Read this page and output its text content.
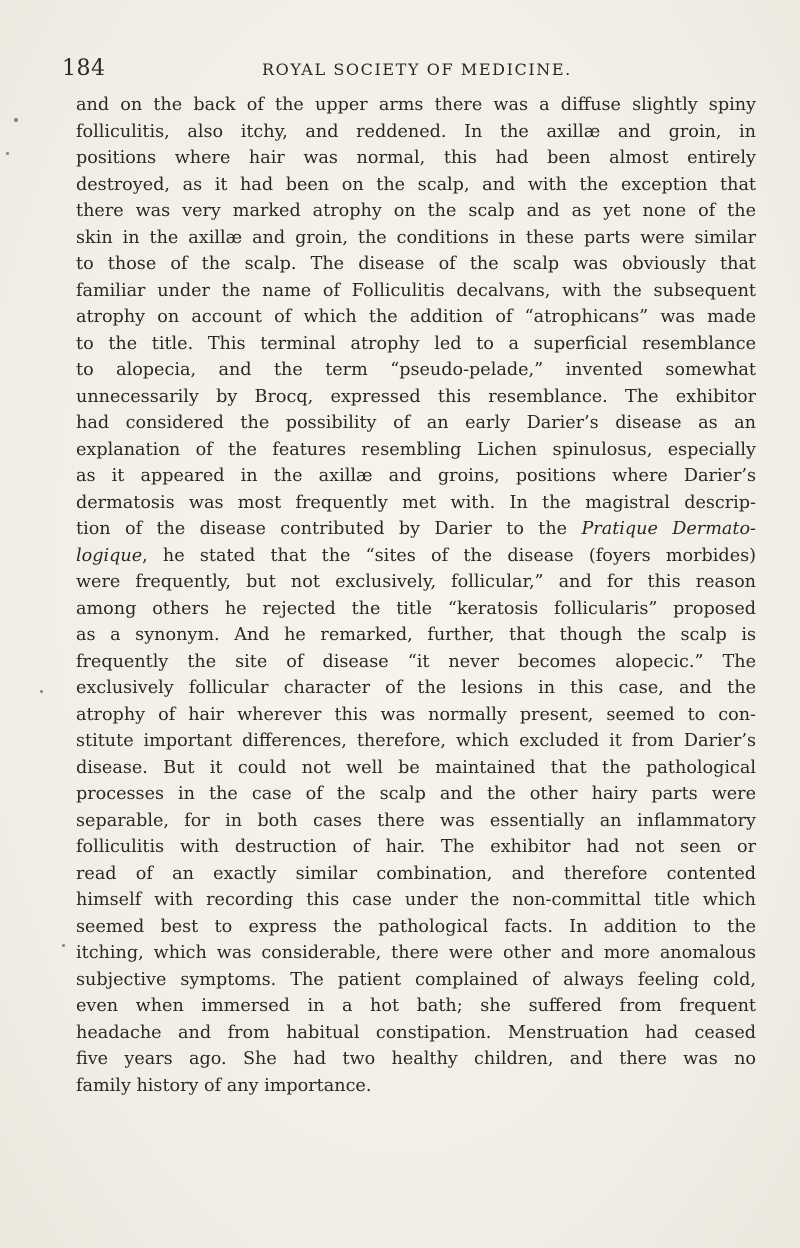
184	ROYAL SOCIETY OF MEDICINE.
and on the back of the upper arms there was a diffuse slightly spiny
folliculitis, also itchy, and reddened. In the axillæ and groin, in
positions where hair was normal, this had been almost entirely
destroyed, as it had been on the scalp, and with the exception that
there was very marked atrophy on the scalp and as yet none of the
skin in the axillæ and groin, the conditions in these parts were similar
to those of the scalp. The disease of the scalp was obviously that
familiar under the name of Folliculitis decalvans, with the subsequent
atrophy on account of which the addition of “atrophicans” was made
to the title. This terminal atrophy led to a superficial resemblance
to alopecia, and the term “pseudo-pelade,” invented somewhat
unnecessarily by Brocq, expressed this resemblance. The exhibitor
had considered the possibility of an early Darier’s disease as an
explanation of the features resembling Lichen spinulosus, especially
as it appeared in the axillæ and groins, positions where Darier’s
dermatosis was most frequently met with. In the magistral descrip-
tion of the disease contributed by Darier to the Pratique Dermato-
logique, he stated that the “sites of the disease (foyers morbides)
were frequently, but not exclusively, follicular,” and for this reason
among others he rejected the title “keratosis follicularis” proposed
as a synonym. And he remarked, further, that though the scalp is
frequently the site of disease “it never becomes alopecic.” The
exclusively follicular character of the lesions in this case, and the
atrophy of hair wherever this was normally present, seemed to con-
stitute important differences, therefore, which excluded it from Darier’s
disease. But it could not well be maintained that the pathological
processes in the case of the scalp and the other hairy parts were
separable, for in both cases there was essentially an inflammatory
folliculitis with destruction of hair. The exhibitor had not seen or
read of an exactly similar combination, and therefore contented
himself with recording this case under the non-committal title which
seemed best to express the pathological facts. In addition to the
itching, which was considerable, there were other and more anomalous
subjective symptoms. The patient complained of always feeling cold,
even when immersed in a hot bath; she suffered from frequent
headache and from habitual constipation. Menstruation had ceased
five years ago. She had two healthy children, and there was no
family history of any importance.
